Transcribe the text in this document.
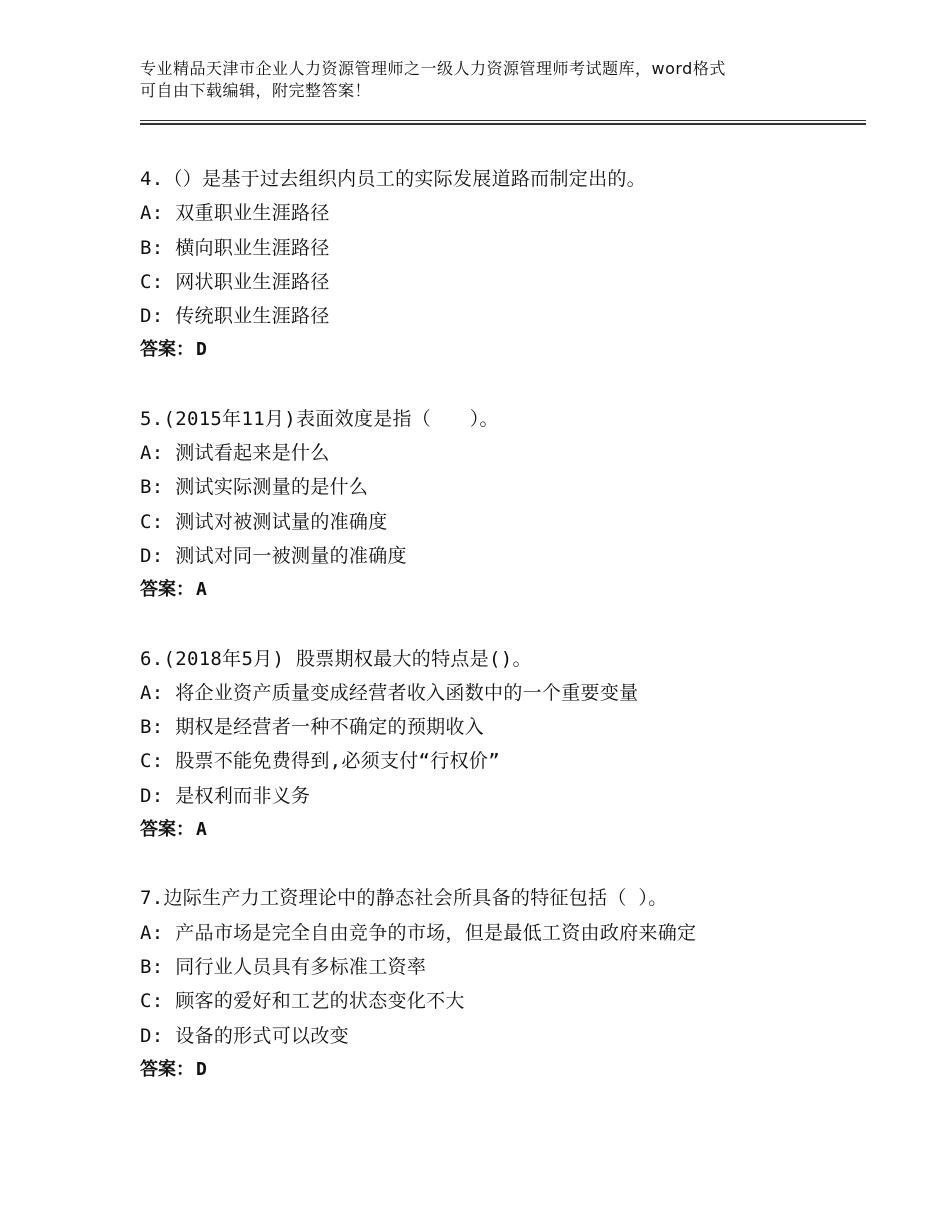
专业精品天津市企业人力资源管理师之一级人力资源管理师考试题库，word格式
可自由下载编辑，附完整答案！
4.（）是基于过去组织内员工的实际发展道路而制定出的。
A: 双重职业生涯路径
B: 横向职业生涯路径
C: 网状职业生涯路径
D: 传统职业生涯路径
答案： D
5.(2015年11月)表面效度是指（　　）。
A: 测试看起来是什么
B: 测试实际测量的是什么
C: 测试对被测试量的准确度
D: 测试对同一被测量的准确度
答案： A
6.(2018年5月) 股票期权最大的特点是()。
A: 将企业资产质量变成经营者收入函数中的一个重要变量
B: 期权是经营者一种不确定的预期收入
C: 股票不能免费得到,必须支付“行权价”
D: 是权利而非义务
答案： A
7.边际生产力工资理论中的静态社会所具备的特征包括（ ）。
A: 产品市场是完全自由竞争的市场，但是最低工资由政府来确定
B: 同行业人员具有多标准工资率
C: 顾客的爱好和工艺的状态变化不大
D: 设备的形式可以改变
答案： D
